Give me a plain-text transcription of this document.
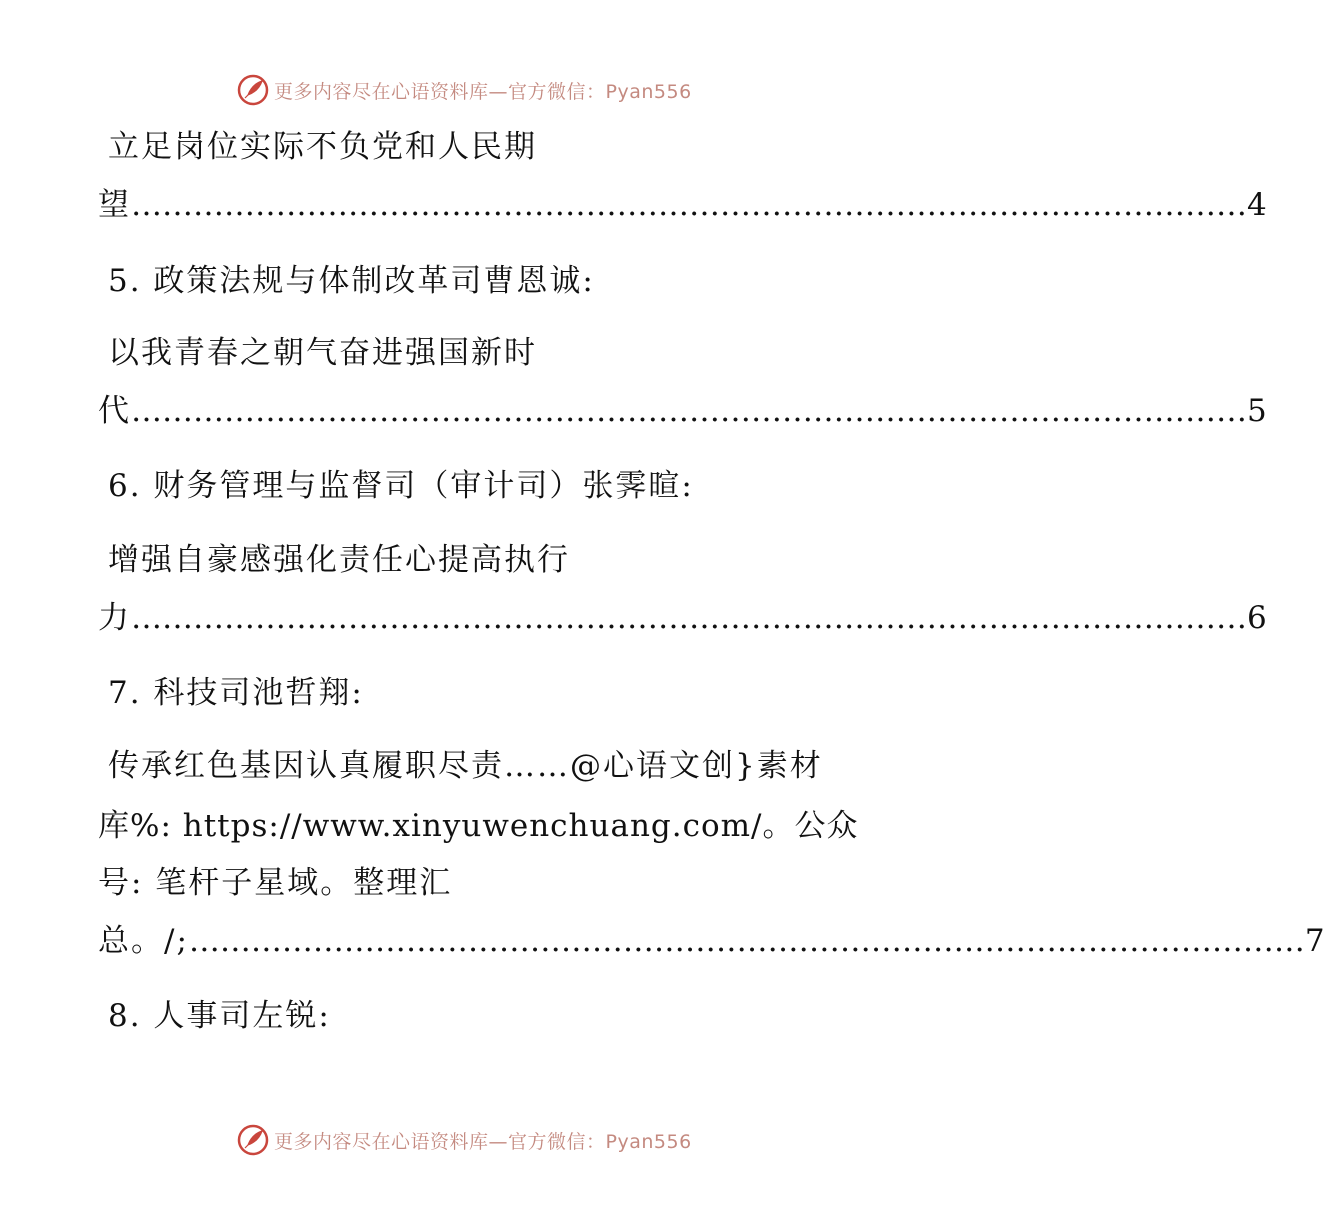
更多内容尽在心语资料库—官方微信：Pyan556
立足岗位实际不负党和人民期
望 ……………………………………………………………………………………………… 4
5. 政策法规与体制改革司曹恩诚:
以我青春之朝气奋进强国新时
代 ……………………………………………………………………………………………… 5
6. 财务管理与监督司（审计司）张霁暄:
增强自豪感强化责任心提高执行
力 ……………………………………………………………………………………………… 6
7. 科技司池哲翔:
传承红色基因认真履职尽责……@心语文创}素材
库%: https://www.xinyuwenchuang.com/。公众
号: 笔杆子星域。整理汇
总。/; ……………………………………………………………………………………………… 7
8. 人事司左锐:
更多内容尽在心语资料库—官方微信：Pyan556
